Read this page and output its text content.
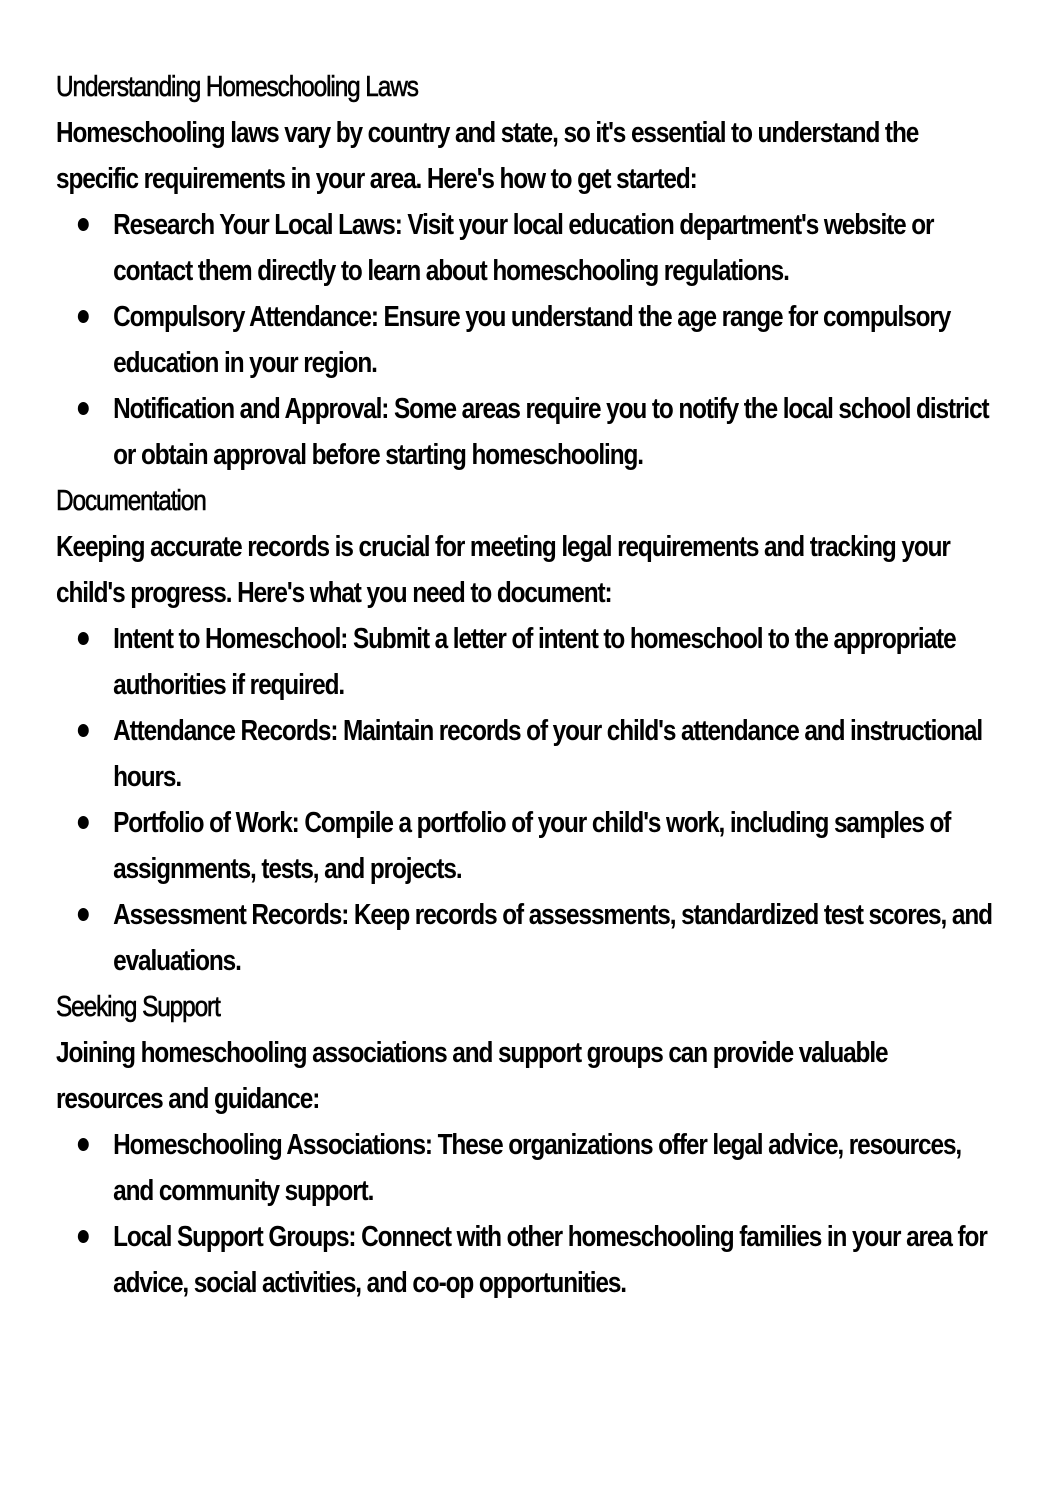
Understanding Homeschooling Laws

Homeschooling laws vary by country and state, so it's essential to understand the specific requirements in your area. Here's how to get started:

Research Your Local Laws: Visit your local education department's website or contact them directly to learn about homeschooling regulations.
Compulsory Attendance: Ensure you understand the age range for compulsory education in your region.
Notification and Approval: Some areas require you to notify the local school district or obtain approval before starting homeschooling.

Documentation

Keeping accurate records is crucial for meeting legal requirements and tracking your child's progress. Here's what you need to document:

Intent to Homeschool: Submit a letter of intent to homeschool to the appropriate authorities if required.
Attendance Records: Maintain records of your child's attendance and instructional hours.
Portfolio of Work: Compile a portfolio of your child's work, including samples of assignments, tests, and projects.
Assessment Records: Keep records of assessments, standardized test scores, and evaluations.

Seeking Support

Joining homeschooling associations and support groups can provide valuable resources and guidance:

Homeschooling Associations: These organizations offer legal advice, resources, and community support.
Local Support Groups: Connect with other homeschooling families in your area for advice, social activities, and co-op opportunities.
